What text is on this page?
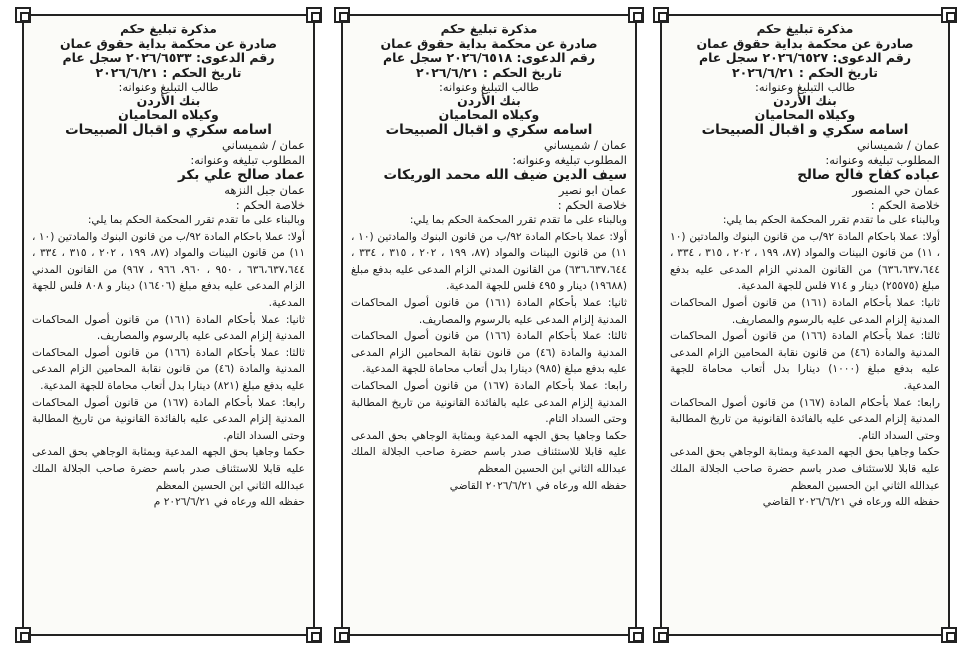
مذكرة تبليغ حكم
صادرة عن محكمة بداية حقوق عمان
رقم الدعوى: ٢٠٢٦/٦٥٢٧ سجل عام
تاريخ الحكم : ٢٠٢٦/٦/٢١
طالب التبليغ وعنوانه:
بنك الأردن
وكيلاه المحاميان
اسامه سكري و اقبال الصبيحات
عمان / شميساني
المطلوب تبليغه وعنوانه:
عباده كفاح فالح صالح
عمان حي المنصور
خلاصة الحكم :

وبالبناء على ما تقدم تقرر المحكمة الحكم بما يلي:

أولا: عملا باحكام المادة ٩٢/ب من قانون البنوك والمادتين (١٠ ، ١١) من قانون البينات والمواد (٨٧، ١٩٩ ، ٢٠٢ ، ٣١٥ ، ٣٣٤ ، ٦٣٦،٦٣٧،٦٤٤) من القانون المدني الزام المدعى عليه بدفع مبلغ (٢٥٥٧٥) دينار و ٧١٤ فلس للجهة المدعية.

ثانيا: عملا بأحكام المادة (١٦١) من قانون أصول المحاكمات المدنية إلزام المدعى عليه بالرسوم والمصاريف.

ثالثا: عملا بأحكام المادة (١٦٦) من قانون أصول المحاكمات المدنية والمادة (٤٦) من قانون نقابة المحامين الزام المدعى عليه بدفع مبلغ (١٠٠٠) دينارا بدل أتعاب محاماة للجهة المدعية.

رابعا: عملا بأحكام المادة (١٦٧) من قانون أصول المحاكمات المدنية إلزام المدعى عليه بالفائدة القانونية من تاريخ المطالبة وحتى السداد التام.

حكما وجاهيا بحق الجهه المدعية وبمثابة الوجاهي بحق المدعى عليه قابلا للاستئناف صدر باسم حضرة صاحب الجلالة الملك عبدالله الثاني ابن الحسين المعظم

حفظه الله ورعاه في ٢٠٢٦/٦/٢١ القاضي
مذكرة تبليغ حكم
صادرة عن محكمة بداية حقوق عمان
رقم الدعوى: ٢٠٢٦/٦٥١٨ سجل عام
تاريخ الحكم : ٢٠٢٦/٦/٢١
طالب التبليغ وعنوانه:
بنك الأردن
وكيلاه المحاميان
اسامه سكري و اقبال الصبيحات
عمان / شميساني
المطلوب تبليغه وعنوانه:
سيف الدين ضيف الله محمد الوريكات
عمان ابو نصير
خلاصة الحكم :

وبالبناء على ما تقدم تقرر المحكمة الحكم بما يلي:

أولا: عملا باحكام المادة ٩٢/ب من قانون البنوك والمادتين (١٠ ، ١١) من قانون البينات والمواد (٨٧، ١٩٩ ، ٢٠٢ ، ٣١٥ ، ٣٣٤ ، ٦٣٦،٦٣٧،٦٤٤) من القانون المدني الزام المدعى عليه بدفع مبلغ (١٩٦٨٨) دينار و ٤٩٥ فلس للجهة المدعية.

ثانيا: عملا بأحكام المادة (١٦١) من قانون أصول المحاكمات المدنية إلزام المدعى عليه بالرسوم والمصاريف.

ثالثا: عملا بأحكام المادة (١٦٦) من قانون أصول المحاكمات المدنية والمادة (٤٦) من قانون نقابة المحامين الزام المدعى عليه بدفع مبلغ (٩٨٥) دينارا بدل أتعاب محاماة للجهة المدعية.

رابعا: عملا بأحكام المادة (١٦٧) من قانون أصول المحاكمات المدنية إلزام المدعى عليه بالفائدة القانونية من تاريخ المطالبة وحتى السداد التام.

حكما وجاهيا بحق الجهه المدعية وبمثابة الوجاهي بحق المدعى عليه قابلا للاستئناف صدر باسم حضرة صاحب الجلالة الملك عبدالله الثاني ابن الحسين المعظم

حفظه الله ورعاه في ٢٠٢٦/٦/٢١ القاضي
مذكرة تبليغ حكم
صادرة عن محكمة بداية حقوق عمان
رقم الدعوى: ٢٠٢٦/٦٥٣٣ سجل عام
تاريخ الحكم : ٢٠٢٦/٦/٢١
طالب التبليغ وعنوانه:
بنك الأردن
وكيلاه المحاميان
اسامه سكري و اقبال الصبيحات
عمان / شميساني
المطلوب تبليغه وعنوانه:
عماد صالح علي بكر
عمان جبل النزهه
خلاصة الحكم :

وبالبناء على ما تقدم تقرر المحكمة الحكم بما يلي:

أولا: عملا باحكام المادة ٩٢/ب من قانون البنوك والمادتين (١٠ ، ١١) من قانون البينات والمواد (٨٧، ١٩٩ ، ٢٠٢ ، ٣١٥ ، ٣٣٤ ، ٦٣٦،٦٣٧،٦٤٤ ، ٩٥٠ ، ٩٦٠، ٩٦٦ ، ٩٦٧) من القانون المدني الزام المدعى عليه بدفع مبلغ (١٦٤٠٦) دينار و ٨٠٨ فلس للجهة المدعية.

ثانيا: عملا بأحكام المادة (١٦١) من قانون أصول المحاكمات المدنية إلزام المدعى عليه بالرسوم والمصاريف.

ثالثا: عملا بأحكام المادة (١٦٦) من قانون أصول المحاكمات المدنية والمادة (٤٦) من قانون نقابة المحامين الزام المدعى عليه بدفع مبلغ (٨٢١) دينارا بدل أتعاب محاماة للجهة المدعية.

رابعا: عملا بأحكام المادة (١٦٧) من قانون أصول المحاكمات المدنية إلزام المدعى عليه بالفائدة القانونية من تاريخ المطالبة وحتى السداد التام.

حكما وجاهيا بحق الجهه المدعية وبمثابة الوجاهي بحق المدعى عليه قابلا للاستئناف صدر باسم حضرة صاحب الجلالة الملك عبدالله الثاني ابن الحسين المعظم

حفظه الله ورعاه في ٢٠٢٦/٦/٢١ م
